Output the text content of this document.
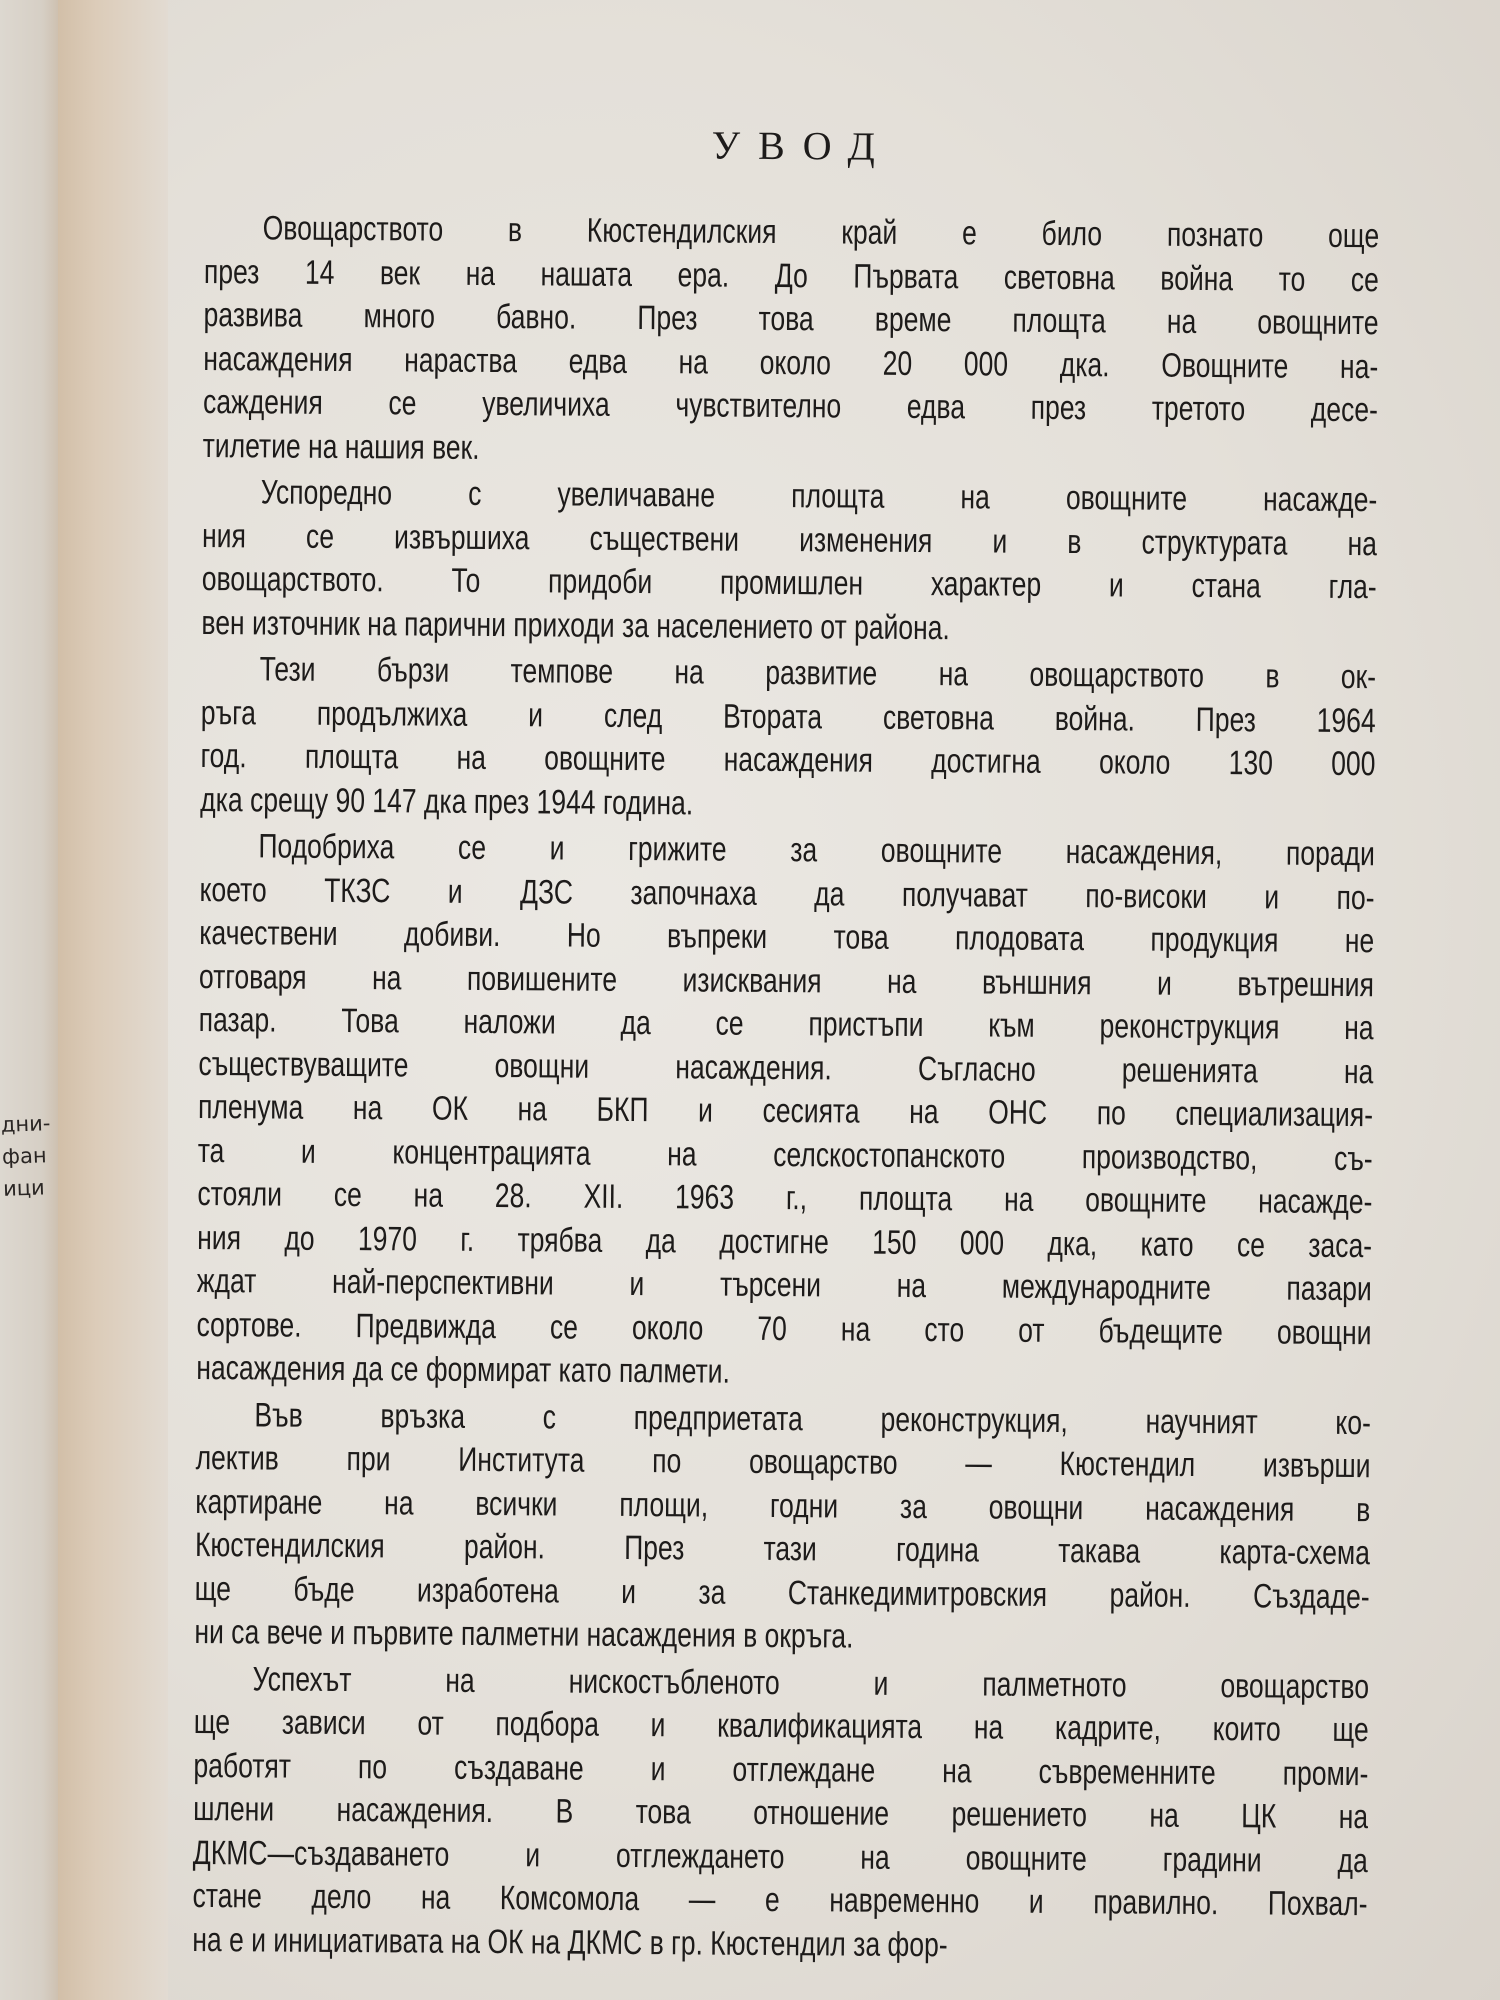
дни-
фан
ици
УВОД
Овощарството в Кюстендилския край е било познато още
през 14 век на нашата ера. До Първата световна война то се
развива много бавно. През това време площта на овощните
насаждения нараства едва на около 20 000 дка. Овощните на-
саждения се увеличиха чувствително едва през третото десе-
тилетие на нашия век.
Успоредно с увеличаване площта на овощните насажде-
ния се извършиха съществени изменения и в структурата на
овощарството. То придоби промишлен характер и стана гла-
вен източник на парични приходи за населението от района.
Тези бързи темпове на развитие на овощарството в ок-
ръга продължиха и след Втората световна война. През 1964
год. площта на овощните насаждения достигна около 130 000
дка срещу 90 147 дка през 1944 година.
Подобриха се и грижите за овощните насаждения, поради
което ТКЗС и ДЗС започнаха да получават по-високи и по-
качествени добиви. Но въпреки това плодовата продукция не
отговаря на повишените изисквания на външния и вътрешния
пазар. Това наложи да се пристъпи към реконструкция на
съществуващите овощни насаждения. Съгласно решенията на
пленума на ОК на БКП и сесията на ОНС по специализация-
та и концентрацията на селскостопанското производство, съ-
стояли се на 28. XII. 1963 г., площта на овощните насажде-
ния до 1970 г. трябва да достигне 150 000 дка, като се заса-
ждат най-перспективни и търсени на международните пазари
сортове. Предвижда се около 70 на сто от бъдещите овощни
насаждения да се формират като палмети.
Във връзка с предприетата реконструкция, научният ко-
лектив при Института по овощарство — Кюстендил извърши
картиране на всички площи, годни за овощни насаждения в
Кюстендилския район. През тази година такава карта-схема
ще бъде изработена и за Станкедимитровския район. Създаде-
ни са вече и първите палметни насаждения в окръга.
Успехът на нискостъбленото и палметното овощарство
ще зависи от подбора и квалификацията на кадрите, които ще
работят по създаване и отглеждане на съвременните проми-
шлени насаждения. В това отношение решението на ЦК на
ДКМС—създаването и отглеждането на овощните градини да
стане дело на Комсомола — е навременно и правилно. Похвал-
на е и инициативата на ОК на ДКМС в гр. Кюстендил за фор-
